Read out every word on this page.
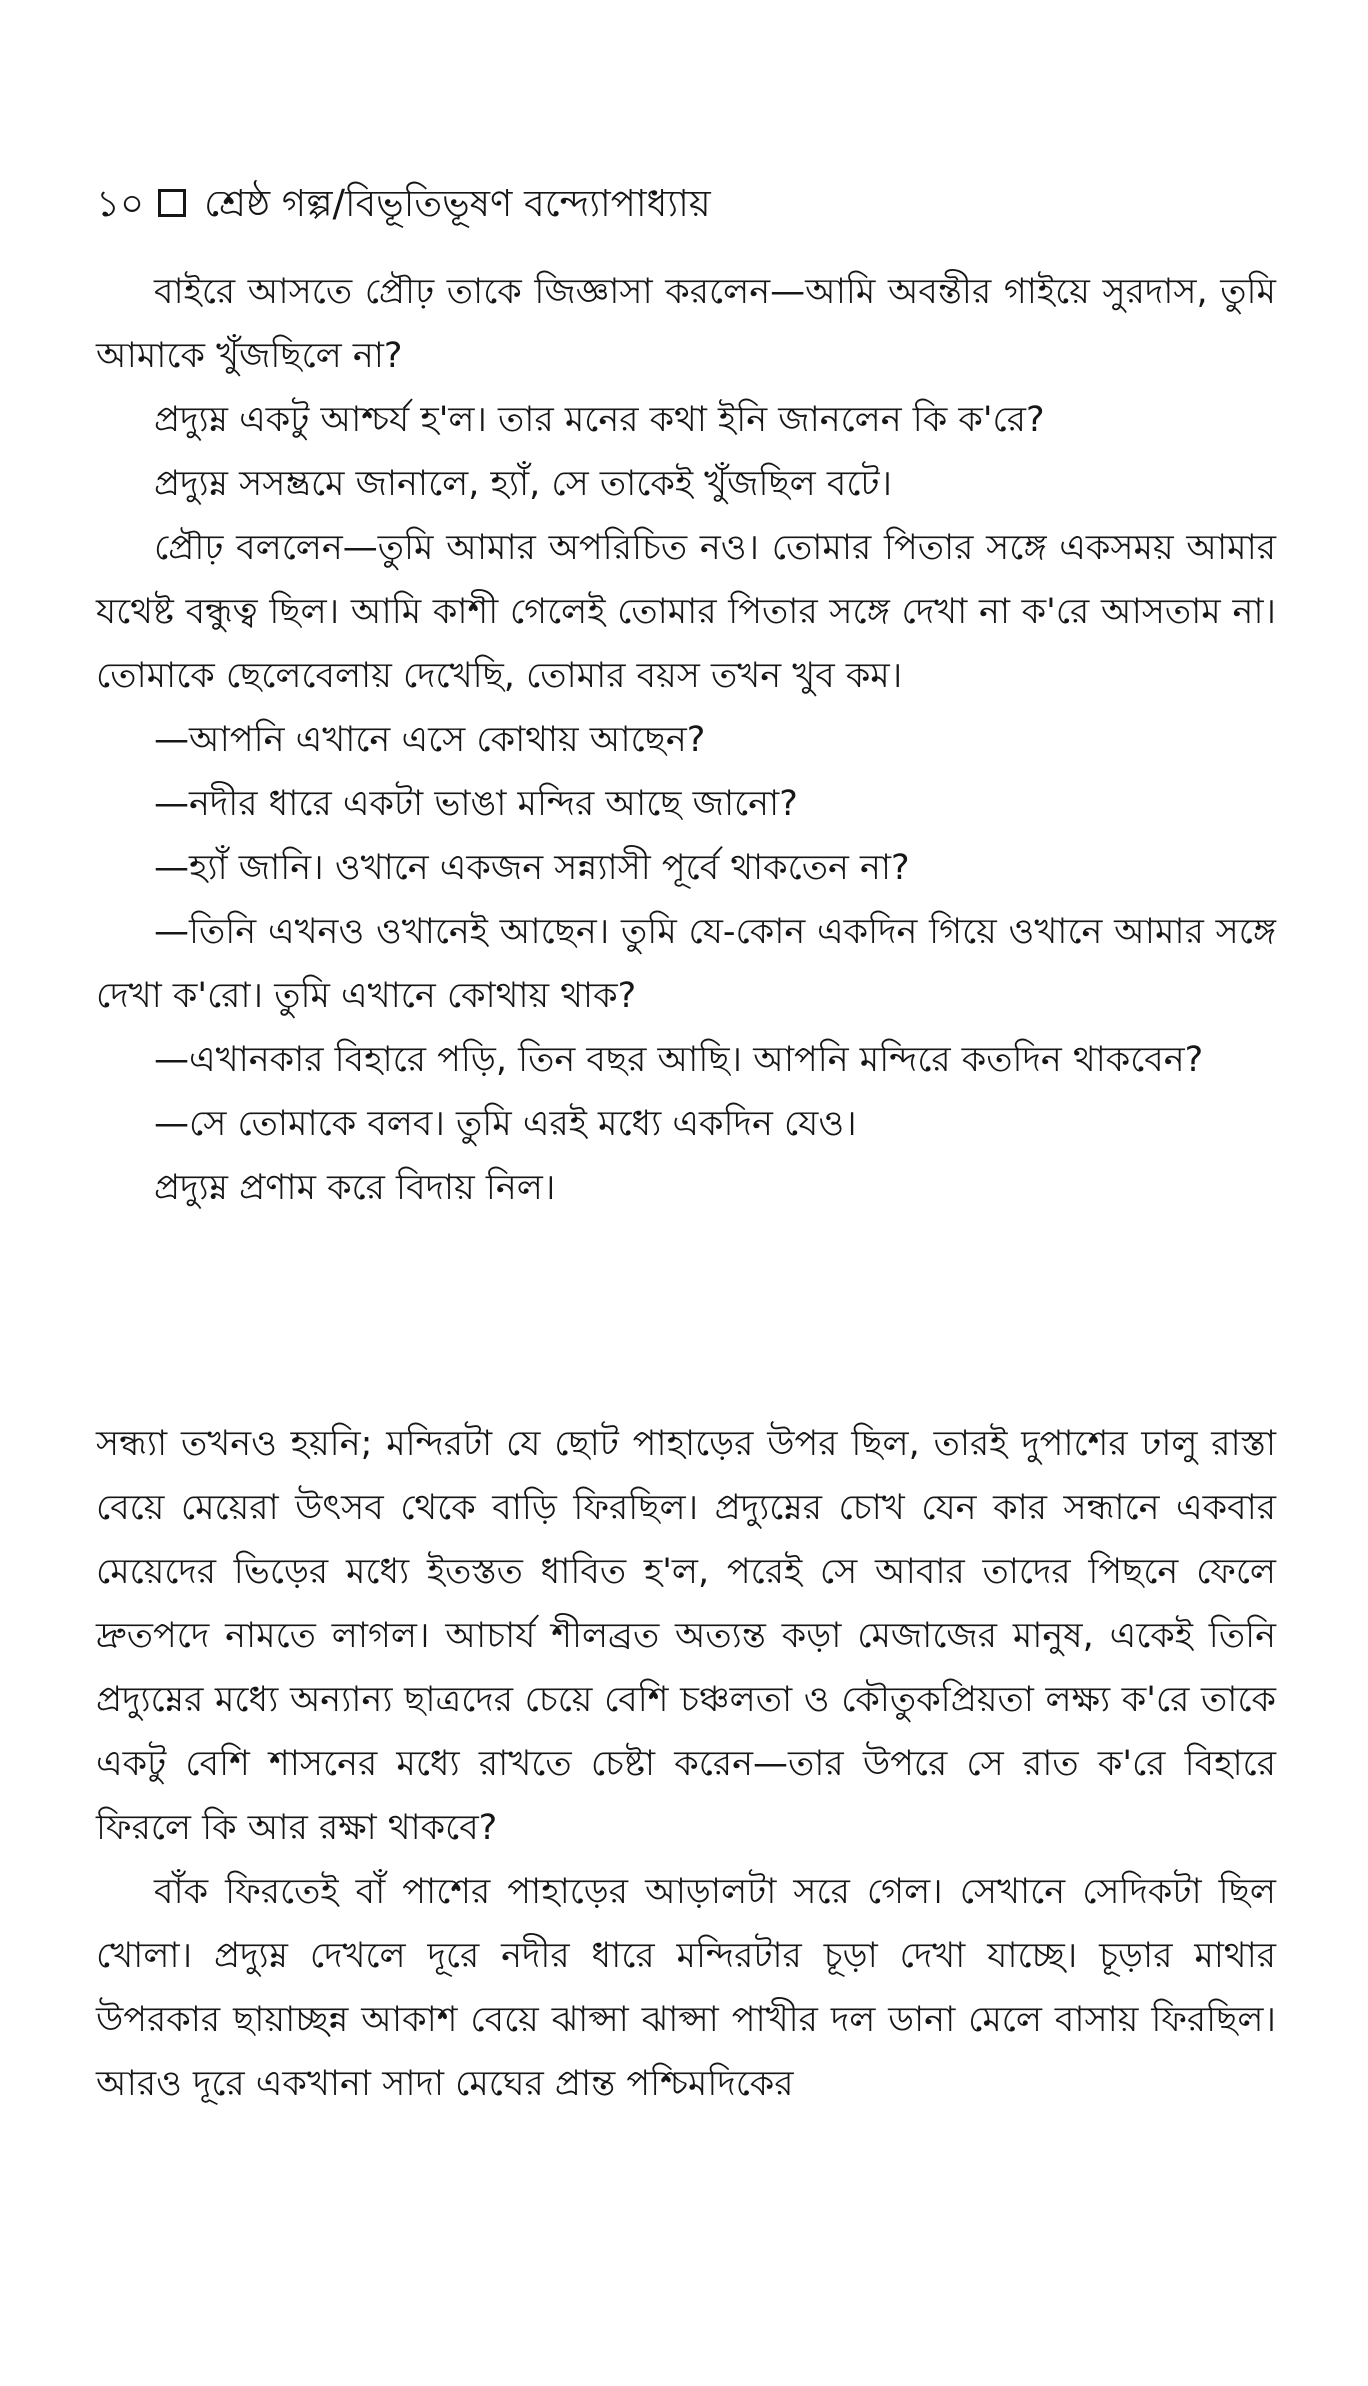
১০ শ্রেষ্ঠ গল্প/বিভূতিভূষণ বন্দ্যোপাধ্যায়

বাইরে আসতে প্রৌঢ় তাকে জিজ্ঞাসা করলেন—আমি অবন্তীর গাইয়ে সুরদাস, তুমি আমাকে খুঁজছিলে না?

প্রদ্যুম্ন একটু আশ্চর্য হ'ল। তার মনের কথা ইনি জানলেন কি ক'রে?

প্রদ্যুম্ন সসম্ভ্রমে জানালে, হ্যাঁ, সে তাকেই খুঁজছিল বটে।

প্রৌঢ় বললেন—তুমি আমার অপরিচিত নও। তোমার পিতার সঙ্গে একসময় আমার যথেষ্ট বন্ধুত্ব ছিল। আমি কাশী গেলেই তোমার পিতার সঙ্গে দেখা না ক'রে আসতাম না। তোমাকে ছেলেবেলায় দেখেছি, তোমার বয়স তখন খুব কম।

—আপনি এখানে এসে কোথায় আছেন?

—নদীর ধারে একটা ভাঙা মন্দির আছে জানো?

—হ্যাঁ জানি। ওখানে একজন সন্ন্যাসী পূর্বে থাকতেন না?

—তিনি এখনও ওখানেই আছেন। তুমি যে-কোন একদিন গিয়ে ওখানে আমার সঙ্গে দেখা ক'রো। তুমি এখানে কোথায় থাক?

—এখানকার বিহারে পড়ি, তিন বছর আছি। আপনি মন্দিরে কতদিন থাকবেন?

—সে তোমাকে বলব। তুমি এরই মধ্যে একদিন যেও।

প্রদ্যুম্ন প্রণাম করে বিদায় নিল।

সন্ধ্যা তখনও হয়নি; মন্দিরটা যে ছোট পাহাড়ের উপর ছিল, তারই দুপাশের ঢালু রাস্তা বেয়ে মেয়েরা উৎসব থেকে বাড়ি ফিরছিল। প্রদ্যুম্নের চোখ যেন কার সন্ধানে একবার মেয়েদের ভিড়ের মধ্যে ইতস্তত ধাবিত হ'ল, পরেই সে আবার তাদের পিছনে ফেলে দ্রুতপদে নামতে লাগল। আচার্য শীলব্রত অত্যন্ত কড়া মেজাজের মানুষ, একেই তিনি প্রদ্যুম্নের মধ্যে অন্যান্য ছাত্রদের চেয়ে বেশি চঞ্চলতা ও কৌতুকপ্রিয়তা লক্ষ্য ক'রে তাকে একটু বেশি শাসনের মধ্যে রাখতে চেষ্টা করেন—তার উপরে সে রাত ক'রে বিহারে ফিরলে কি আর রক্ষা থাকবে?

বাঁক ফিরতেই বাঁ পাশের পাহাড়ের আড়ালটা সরে গেল। সেখানে সেদিকটা ছিল খোলা। প্রদ্যুম্ন দেখলে দূরে নদীর ধারে মন্দিরটার চূড়া দেখা যাচ্ছে। চূড়ার মাথার উপরকার ছায়াচ্ছন্ন আকাশ বেয়ে ঝাপ্সা ঝাপ্সা পাখীর দল ডানা মেলে বাসায় ফিরছিল। আরও দূরে একখানা সাদা মেঘের প্রান্ত পশ্চিমদিকের
